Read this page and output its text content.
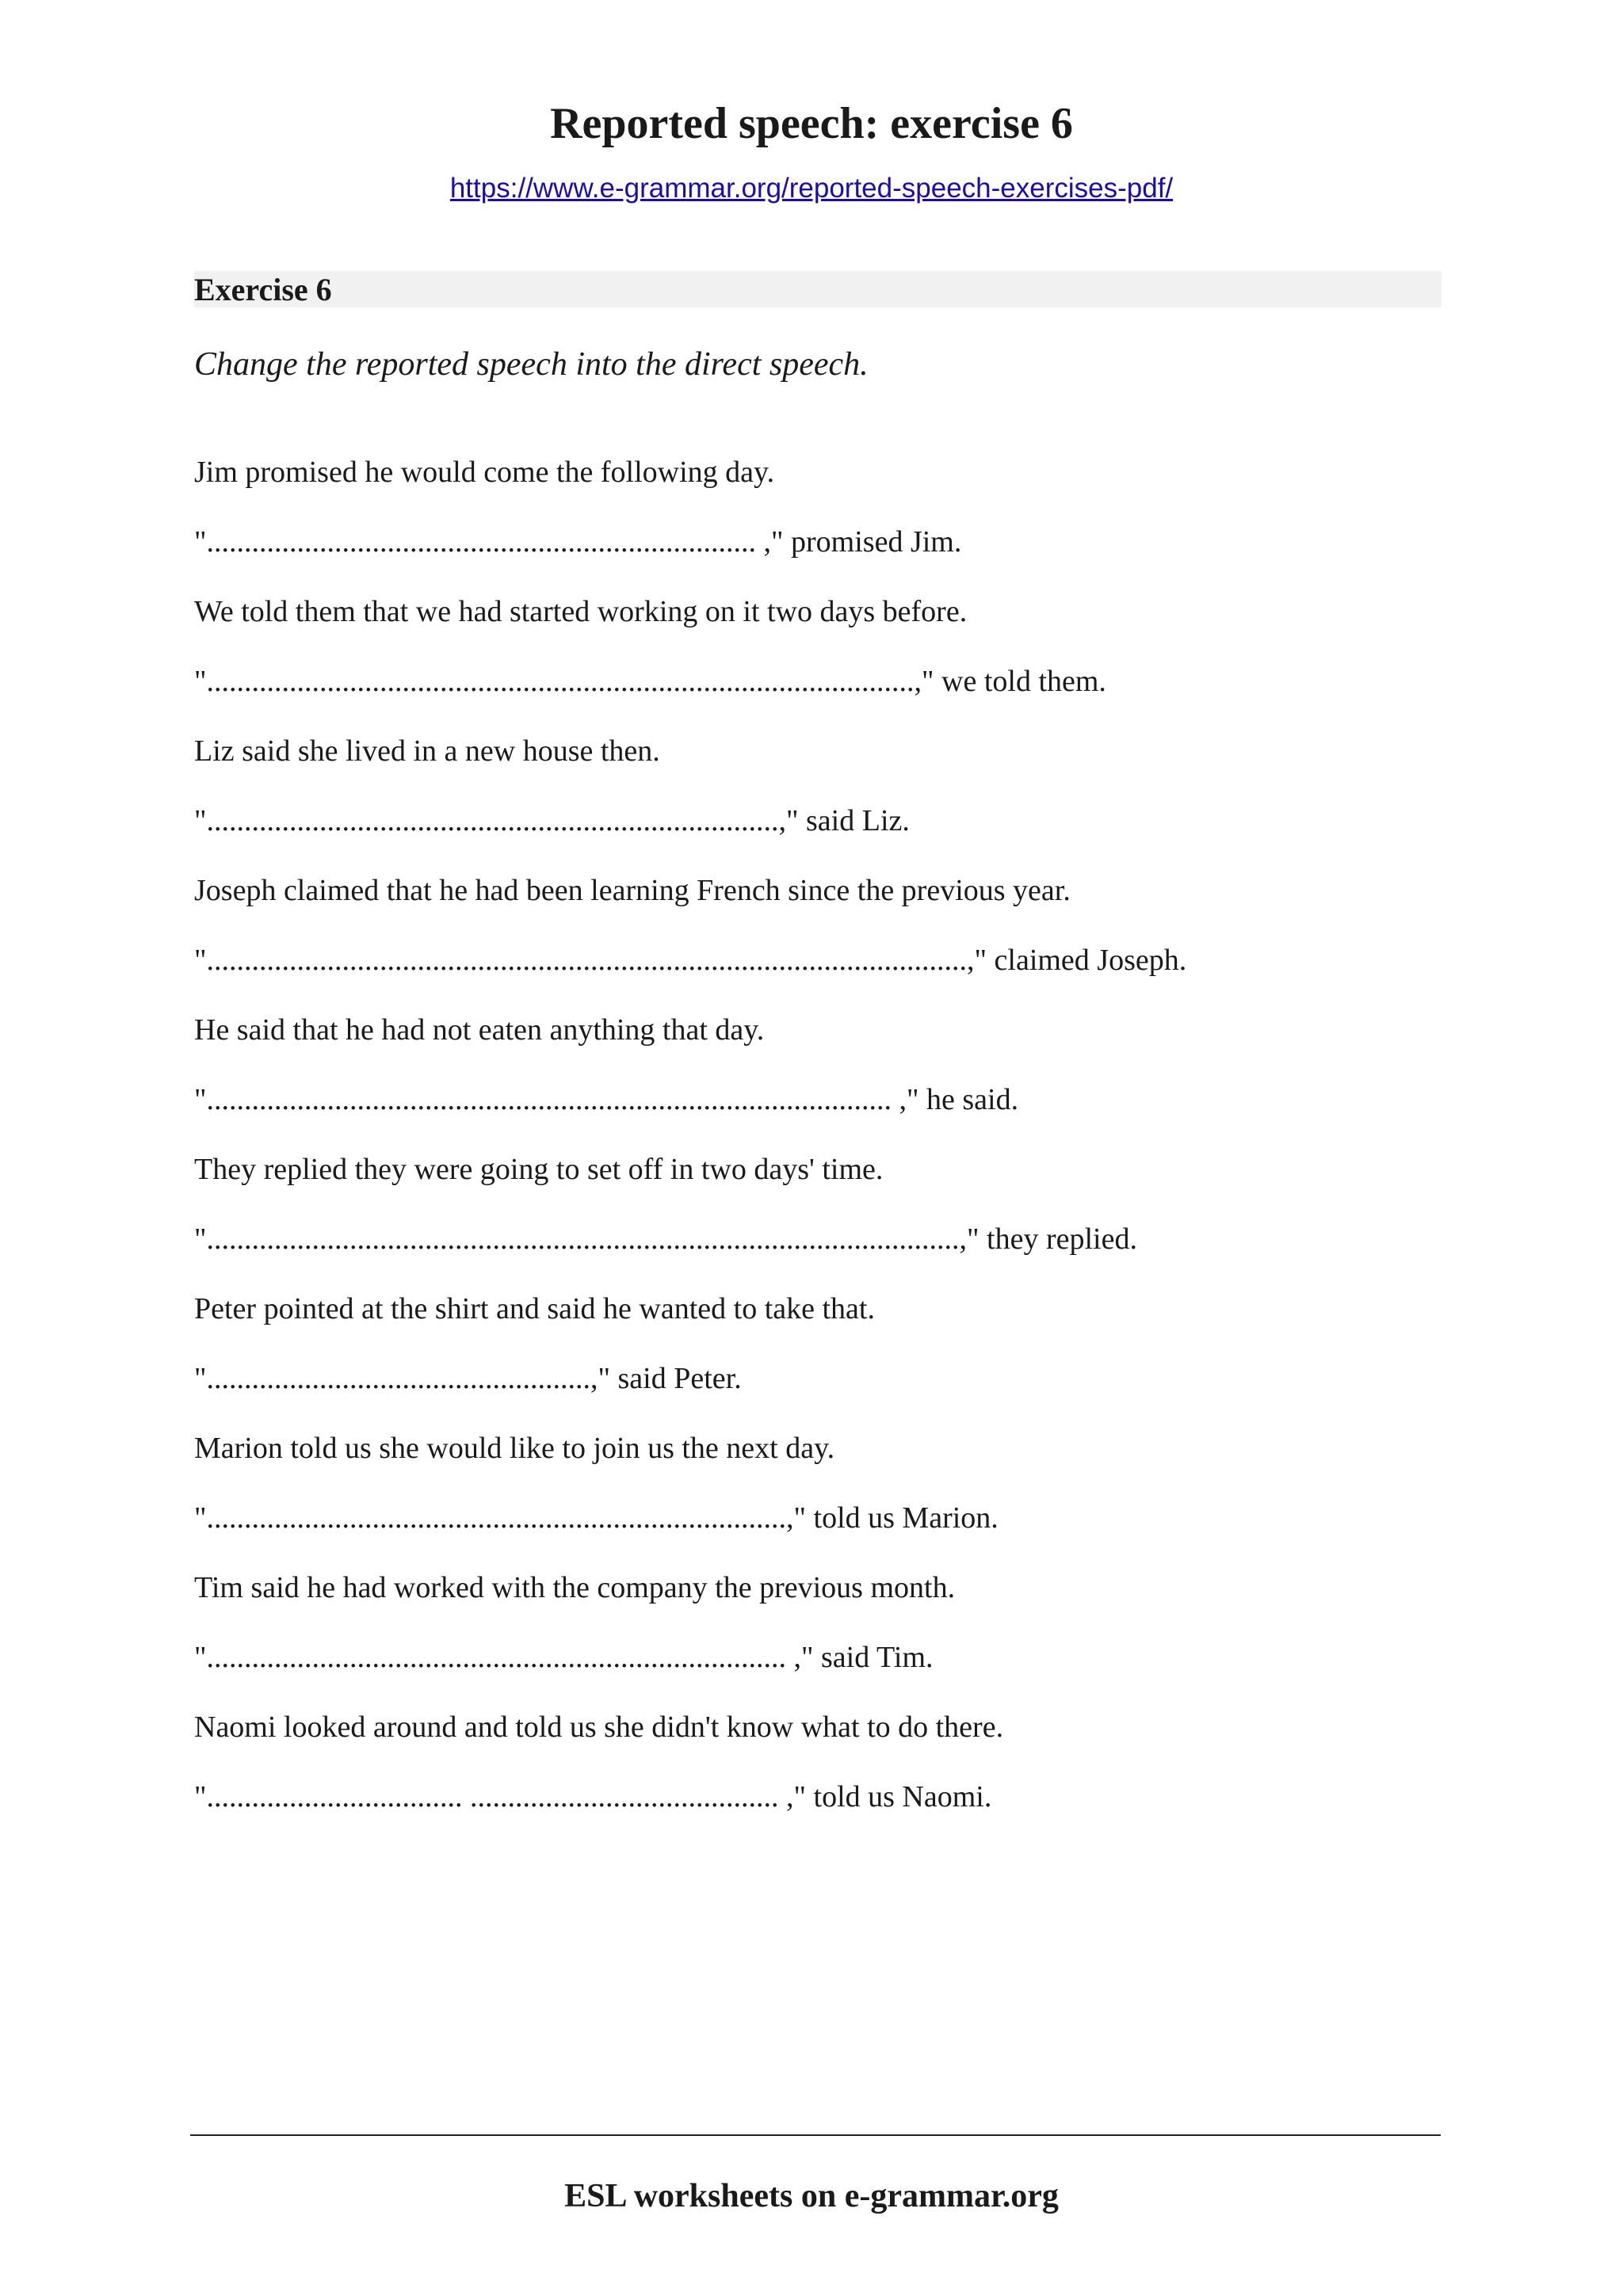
Reported speech: exercise 6
https://www.e-grammar.org/reported-speech-exercises-pdf/
Exercise 6
Change the reported speech into the direct speech.
Jim promised he would come the following day.
"......................................................................... ," promised Jim.
We told them that we had started working on it two days before.
"..............................................................................................," we told them.
Liz said she lived in a new house then.
"............................................................................," said Liz.
Joseph claimed that he had been learning French since the previous year.
".....................................................................................................," claimed Joseph.
He said that he had not eaten anything that day.
"........................................................................................... ," he said.
They replied they were going to set off in two days' time.
"....................................................................................................," they replied.
Peter pointed at the shirt and said he wanted to take that.
"...................................................," said Peter.
Marion told us she would like to join us the next day.
".............................................................................," told us Marion.
Tim said he had worked with the company the previous month.
"............................................................................. ," said Tim.
Naomi looked around and told us she didn't know what to do there.
".................................. ......................................... ," told us Naomi.
ESL worksheets on e-grammar.org
